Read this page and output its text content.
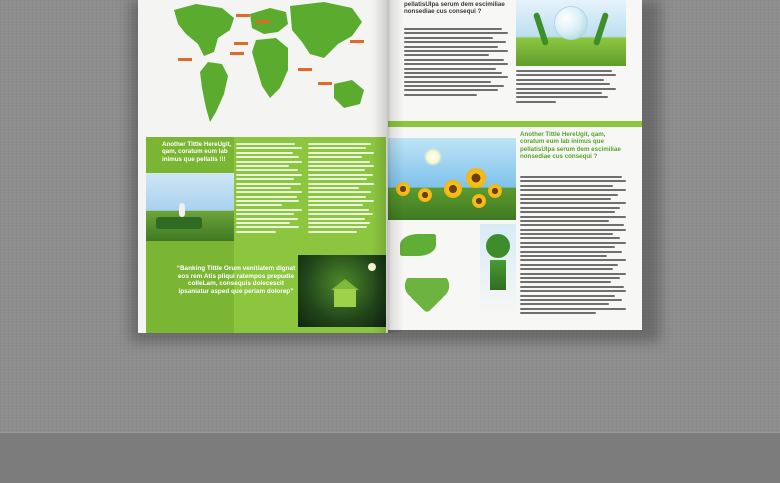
Another Tittle HereUgit, qam, coratum eum lab inimus que pellatis !!!
“Banking Tittle Orum venitiatem dignat eos rem Atis pliqui ratempos prepudie colleLam, consequis dolecescit ipsaniatur asped que periam dolorep”
pellatisUIpa serum dem escimiliae nonsediae cus consequi ?
Another Tittle HereUgit, qam, coratum eum lab inimus que pellatisUIpa serum dem escimiliae nonsediae cus consequi ?
